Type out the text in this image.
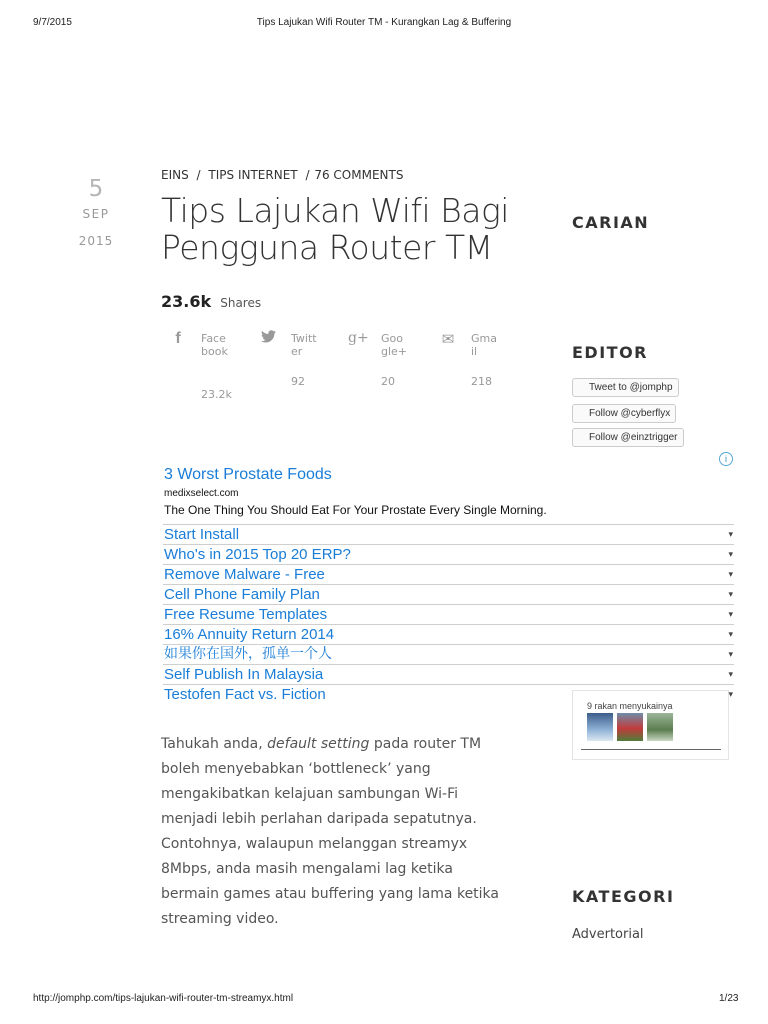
9/7/2015	Tips Lajukan Wifi Router TM - Kurangkan Lag & Buffering
5
SEP
2015
EINS / TIPS INTERNET / 76 COMMENTS
Tips Lajukan Wifi Bagi Pengguna Router TM
23.6k Shares
f	Facebook
23.2k
Twitter
92
g+ Google+
20
✉	Gmail
218
CARIAN
EDITOR
Tweet to @jomphp
Follow @cyberflyx
Follow @einztrigger
9 rakan menyukainya
i
3 Worst Prostate Foods
medixselect.com
The One Thing You Should Eat For Your Prostate Every Single Morning.
Start Install	▾
Who's in 2015 Top 20 ERP?	▾
Remove Malware - Free	▾
Cell Phone Family Plan	▾
Free Resume Templates	▾
16% Annuity Return 2014	▾
如果你在国外，孤单一个人	▾
Self Publish In Malaysia	▾
Testofen Fact vs. Fiction	▾
Tahukah anda, default setting pada router TM boleh menyebabkan ‘bottleneck’ yang mengakibatkan kelajuan sambungan Wi-Fi menjadi lebih perlahan daripada sepatutnya. Contohnya, walaupun melanggan streamyx 8Mbps, anda masih mengalami lag ketika bermain games atau buffering yang lama ketika streaming video.
KATEGORI
Advertorial
http://jomphp.com/tips-lajukan-wifi-router-tm-streamyx.html	1/23
